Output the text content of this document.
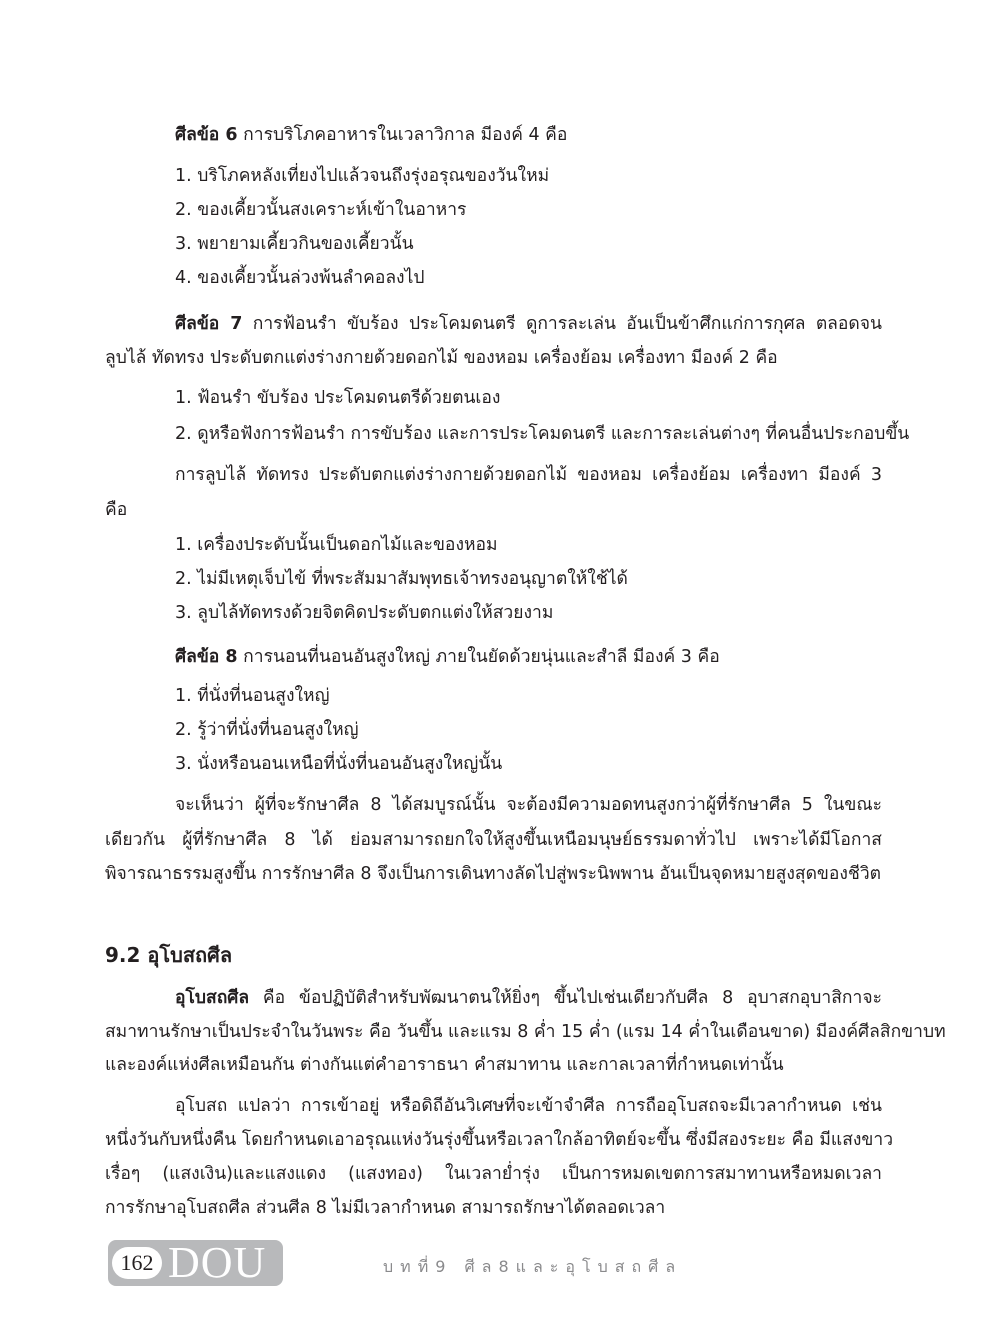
ศีลข้อ 6 การบริโภคอาหารในเวลาวิกาล มีองค์ 4 คือ
1. บริโภคหลังเที่ยงไปแล้วจนถึงรุ่งอรุณของวันใหม่
2. ของเคี้ยวนั้นสงเคราะห์เข้าในอาหาร
3. พยายามเคี้ยวกินของเคี้ยวนั้น
4. ของเคี้ยวนั้นล่วงพ้นลำคอลงไป
ศีลข้อ 7 การฟ้อนรำ ขับร้อง ประโคมดนตรี ดูการละเล่น อันเป็นข้าศึกแก่การกุศล ตลอดจน
ลูบไล้ ทัดทรง ประดับตกแต่งร่างกายด้วยดอกไม้ ของหอม เครื่องย้อม เครื่องทา มีองค์ 2 คือ
1. ฟ้อนรำ ขับร้อง ประโคมดนตรีด้วยตนเอง
2. ดูหรือฟังการฟ้อนรำ การขับร้อง และการประโคมดนตรี และการละเล่นต่างๆ ที่คนอื่นประกอบขึ้น
การลูบไล้ ทัดทรง ประดับตกแต่งร่างกายด้วยดอกไม้ ของหอม เครื่องย้อม เครื่องทา มีองค์ 3
คือ
1. เครื่องประดับนั้นเป็นดอกไม้และของหอม
2. ไม่มีเหตุเจ็บไข้ ที่พระสัมมาสัมพุทธเจ้าทรงอนุญาตให้ใช้ได้
3. ลูบไล้ทัดทรงด้วยจิตคิดประดับตกแต่งให้สวยงาม
ศีลข้อ 8 การนอนที่นอนอันสูงใหญ่ ภายในยัดด้วยนุ่นและสำลี มีองค์ 3 คือ
1. ที่นั่งที่นอนสูงใหญ่
2. รู้ว่าที่นั่งที่นอนสูงใหญ่
3. นั่งหรือนอนเหนือที่นั่งที่นอนอันสูงใหญ่นั้น
จะเห็นว่า ผู้ที่จะรักษาศีล 8 ได้สมบูรณ์นั้น จะต้องมีความอดทนสูงกว่าผู้ที่รักษาศีล 5 ในขณะ
เดียวกัน ผู้ที่รักษาศีล 8 ได้ ย่อมสามารถยกใจให้สูงขึ้นเหนือมนุษย์ธรรมดาทั่วไป เพราะได้มีโอกาส
พิจารณาธรรมสูงขึ้น การรักษาศีล 8 จึงเป็นการเดินทางลัดไปสู่พระนิพพาน อันเป็นจุดหมายสูงสุดของชีวิต
9.2 อุโบสถศีล
อุโบสถศีล คือ ข้อปฏิบัติสำหรับพัฒนาตนให้ยิ่งๆ ขึ้นไปเช่นเดียวกับศีล 8 อุบาสกอุบาสิกาจะ
สมาทานรักษาเป็นประจำในวันพระ คือ วันขึ้น และแรม 8 ค่ำ 15 ค่ำ (แรม 14 ค่ำในเดือนขาด) มีองค์ศีลสิกขาบท
และองค์แห่งศีลเหมือนกัน ต่างกันแต่คำอาราธนา คำสมาทาน และกาลเวลาที่กำหนดเท่านั้น
อุโบสถ แปลว่า การเข้าอยู่ หรือดิถีอันวิเศษที่จะเข้าจำศีล การถืออุโบสถจะมีเวลากำหนด เช่น
หนึ่งวันกับหนึ่งคืน โดยกำหนดเอาอรุณแห่งวันรุ่งขึ้นหรือเวลาใกล้อาทิตย์จะขึ้น ซึ่งมีสองระยะ คือ มีแสงขาว
เรื่อๆ (แสงเงิน)และแสงแดง (แสงทอง) ในเวลาย่ำรุ่ง เป็นการหมดเขตการสมาทานหรือหมดเวลา
การรักษาอุโบสถศีล ส่วนศีล 8 ไม่มีเวลากำหนด สามารถรักษาได้ตลอดเวลา
162 DOU	บทที่9 ศีล8และอุโบสถศีล
